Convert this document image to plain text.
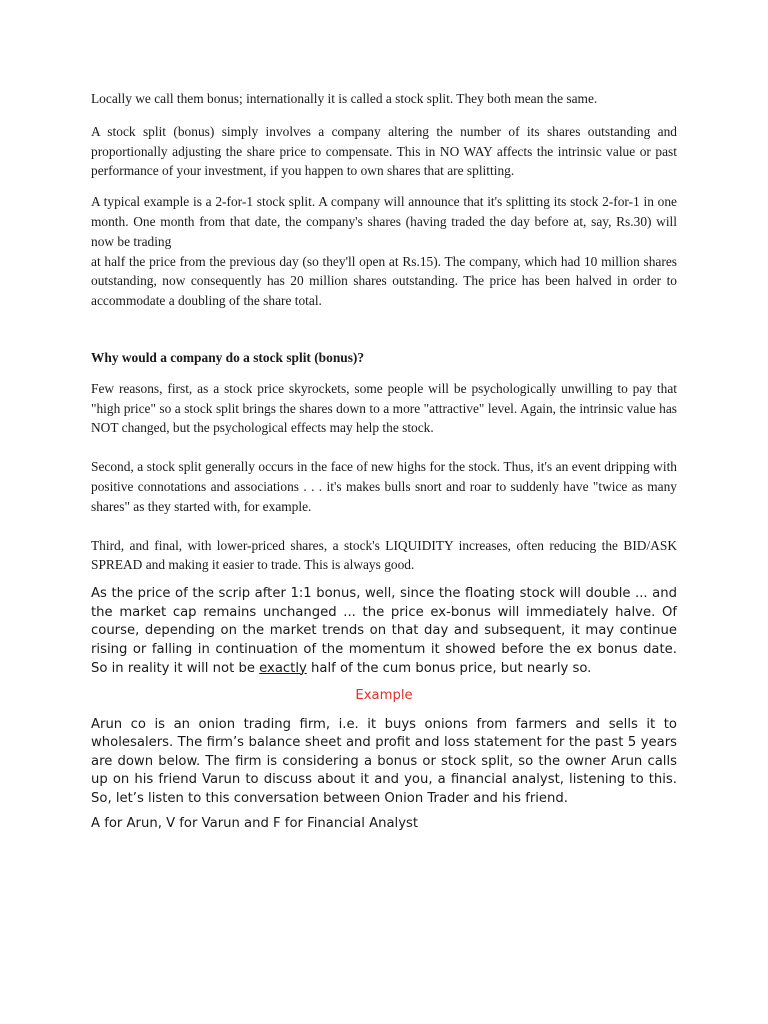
Locally we call them bonus; internationally it is called a stock split. They both mean the same.

A stock split (bonus) simply involves a company altering the number of its shares outstanding and proportionally adjusting the share price to compensate. This in NO WAY affects the intrinsic value or past performance of your investment, if you happen to own shares that are splitting.

A typical example is a 2-for-1 stock split. A company will announce that it's splitting its stock 2-for-1 in one month. One month from that date, the company's shares (having traded the day before at, say, Rs.30) will now be trading
at half the price from the previous day (so they'll open at Rs.15). The company, which had 10 million shares outstanding, now consequently has 20 million shares outstanding. The price has been halved in order to accommodate a doubling of the share total.

Why would a company do a stock split (bonus)?

Few reasons, first, as a stock price skyrockets, some people will be psychologically unwilling to pay that "high price" so a stock split brings the shares down to a more "attractive" level. Again, the intrinsic value has NOT changed, but the psychological effects may help the stock.

Second, a stock split generally occurs in the face of new highs for the stock. Thus, it's an event dripping with positive connotations and associations . . . it's makes bulls snort and roar to suddenly have "twice as many shares" as they started with, for example.

Third, and final, with lower-priced shares, a stock's LIQUIDITY increases, often reducing the BID/ASK SPREAD and making it easier to trade. This is always good.

As the price of the scrip after 1:1 bonus, well, since the floating stock will double ... and the market cap remains unchanged ... the price ex-bonus will immediately halve. Of course, depending on the market trends on that day and subsequent, it may continue rising or falling in continuation of the momentum it showed before the ex bonus date. So in reality it will not be exactly half of the cum bonus price, but nearly so.

Example

Arun co is an onion trading firm, i.e. it buys onions from farmers and sells it to wholesalers. The firm’s balance sheet and profit and loss statement for the past 5 years are down below. The firm is considering a bonus or stock split, so the owner Arun calls up on his friend Varun to discuss about it and you, a financial analyst, listening to this. So, let’s listen to this conversation between Onion Trader and his friend.

A for Arun, V for Varun and F for Financial Analyst
